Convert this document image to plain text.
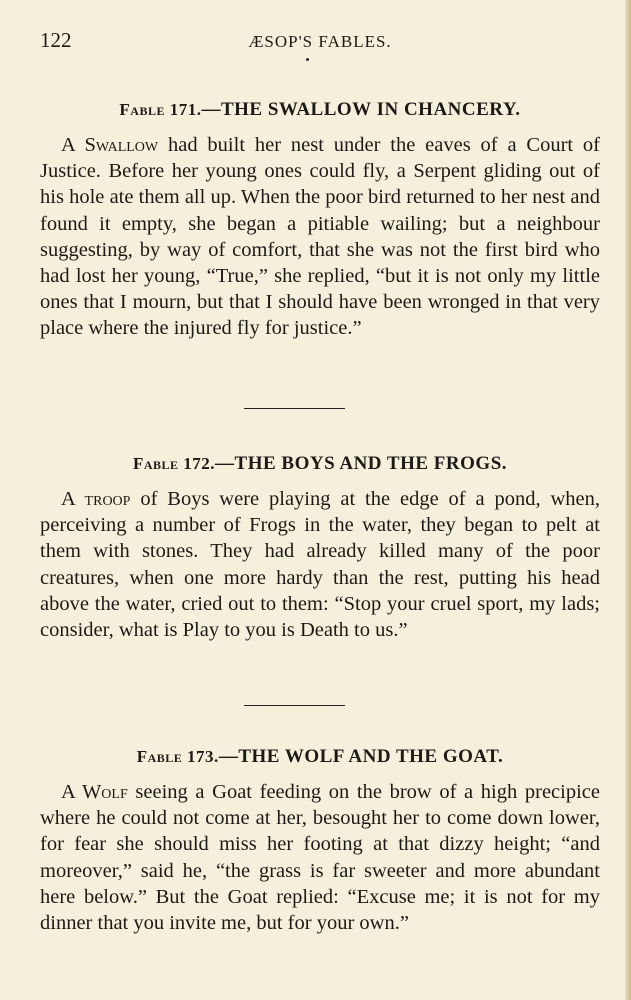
122	ÆSOP'S FABLES.
Fable 171.—THE SWALLOW IN CHANCERY.

A Swallow had built her nest under the eaves of a Court of Justice. Before her young ones could fly, a Serpent gliding out of his hole ate them all up. When the poor bird returned to her nest and found it empty, she began a pitiable wailing; but a neighbour suggesting, by way of comfort, that she was not the first bird who had lost her young, “True,” she replied, “but it is not only my little ones that I mourn, but that I should have been wronged in that very place where the injured fly for justice.”

Fable 172.—THE BOYS AND THE FROGS.

A troop of Boys were playing at the edge of a pond, when, perceiving a number of Frogs in the water, they began to pelt at them with stones. They had already killed many of the poor creatures, when one more hardy than the rest, putting his head above the water, cried out to them: “Stop your cruel sport, my lads; consider, what is Play to you is Death to us.”

Fable 173.—THE WOLF AND THE GOAT.

A Wolf seeing a Goat feeding on the brow of a high precipice where he could not come at her, besought her to come down lower, for fear she should miss her footing at that dizzy height; “and moreover,” said he, “the grass is far sweeter and more abundant here below.” But the Goat replied: “Excuse me; it is not for my dinner that you invite me, but for your own.”
